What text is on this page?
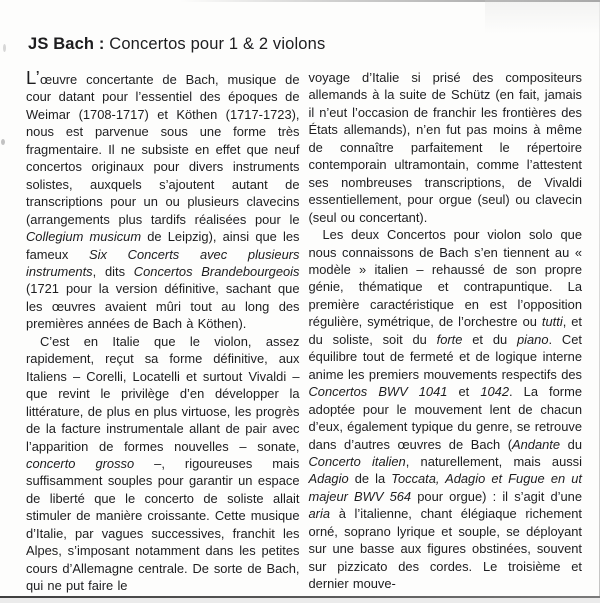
JS Bach : Concertos pour 1 & 2 violons

L’œuvre concertante de Bach, musique de cour datant pour l’essentiel des époques de Weimar (1708-1717) et Köthen (1717-1723), nous est parvenue sous une forme très fragmentaire. Il ne subsiste en effet que neuf concertos originaux pour divers instruments solistes, auxquels s’ajoutent autant de transcriptions pour un ou plusieurs clavecins (arrangements plus tardifs réalisées pour le Collegium musicum de Leipzig), ainsi que les fameux Six Concerts avec plusieurs instruments, dits Concertos Brandebourgeois (1721 pour la version définitive, sachant que les œuvres avaient mûri tout au long des premières années de Bach à Köthen).

C’est en Italie que le violon, assez rapidement, reçut sa forme définitive, aux Italiens – Corelli, Locatelli et surtout Vivaldi – que revint le privilège d’en développer la littérature, de plus en plus virtuose, les progrès de la facture instrumentale allant de pair avec l’apparition de formes nouvelles – sonate, concerto grosso –, rigoureuses mais suffisamment souples pour garantir un espace de liberté que le concerto de soliste allait stimuler de manière croissante. Cette musique d’Italie, par vagues successives, franchit les Alpes, s’imposant notamment dans les petites cours d’Allemagne centrale. De sorte de Bach, qui ne put faire le

voyage d’Italie si prisé des compositeurs allemands à la suite de Schütz (en fait, jamais il n’eut l’occasion de franchir les frontières des États allemands), n’en fut pas moins à même de connaître parfaitement le répertoire contemporain ultramontain, comme l’attestent ses nombreuses transcriptions, de Vivaldi essentiellement, pour orgue (seul) ou clavecin (seul ou concertant).

Les deux Concertos pour violon solo que nous connaissons de Bach s’en tiennent au « modèle » italien – rehaussé de son propre génie, thématique et contrapuntique. La première caractéristique en est l’opposition régulière, symétrique, de l’orchestre ou tutti, et du soliste, soit du forte et du piano. Cet équilibre tout de fermeté et de logique interne anime les premiers mouvements respectifs des Concertos BWV 1041 et 1042. La forme adoptée pour le mouvement lent de chacun d’eux, également typique du genre, se retrouve dans d’autres œuvres de Bach (Andante du Concerto italien, naturellement, mais aussi Adagio de la Toccata, Adagio et Fugue en ut majeur BWV 564 pour orgue) : il s’agit d’une aria à l’italienne, chant élégiaque richement orné, soprano lyrique et souple, se déployant sur une basse aux figures obstinées, souvent sur pizzicato des cordes. Le troisième et dernier mouve-
